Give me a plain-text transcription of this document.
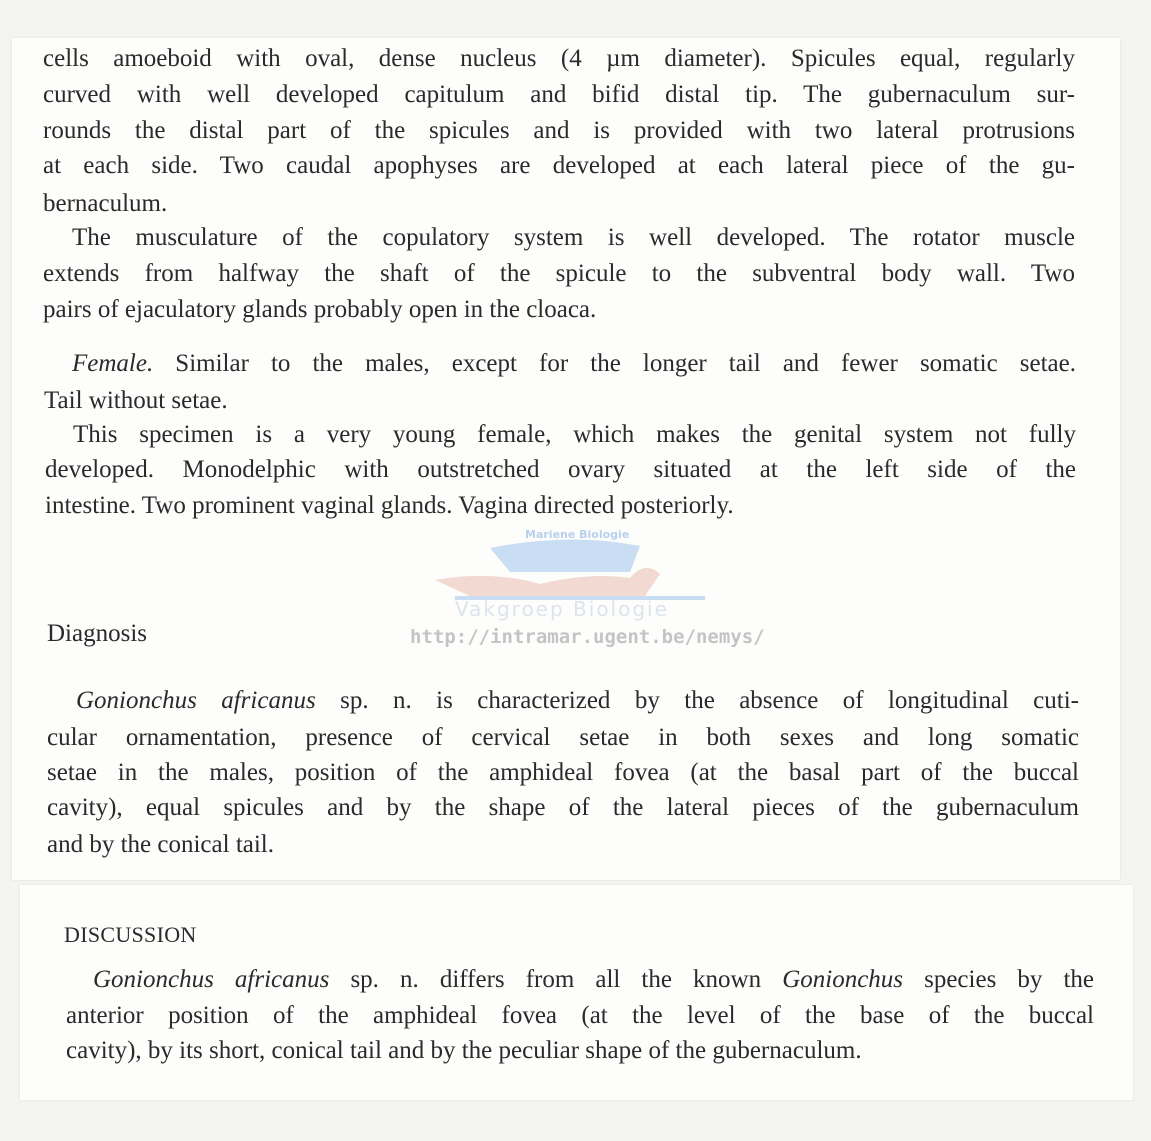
cells amoeboid with oval, dense nucleus (4 µm diameter). Spicules equal, regularly
curved with well developed capitulum and bifid distal tip. The gubernaculum sur-
rounds the distal part of the spicules and is provided with two lateral protrusions
at each side. Two caudal apophyses are developed at each lateral piece of the gu-
bernaculum.
The musculature of the copulatory system is well developed. The rotator muscle
extends from halfway the shaft of the spicule to the subventral body wall. Two
pairs of ejaculatory glands probably open in the cloaca.
Female. Similar to the males, except for the longer tail and fewer somatic setae.
Tail without setae.
This specimen is a very young female, which makes the genital system not fully
developed. Monodelphic with outstretched ovary situated at the left side of the
intestine. Two prominent vaginal glands. Vagina directed posteriorly.
Mariene Biologie
Vakgroep Biologie
http://intramar.ugent.be/nemys/
Diagnosis
Gonionchus africanus sp. n. is characterized by the absence of longitudinal cuti-
cular ornamentation, presence of cervical setae in both sexes and long somatic
setae in the males, position of the amphideal fovea (at the basal part of the buccal
cavity), equal spicules and by the shape of the lateral pieces of the gubernaculum
and by the conical tail.
DISCUSSION
Gonionchus africanus sp. n. differs from all the known Gonionchus species by the
anterior position of the amphideal fovea (at the level of the base of the buccal
cavity), by its short, conical tail and by the peculiar shape of the gubernaculum.
